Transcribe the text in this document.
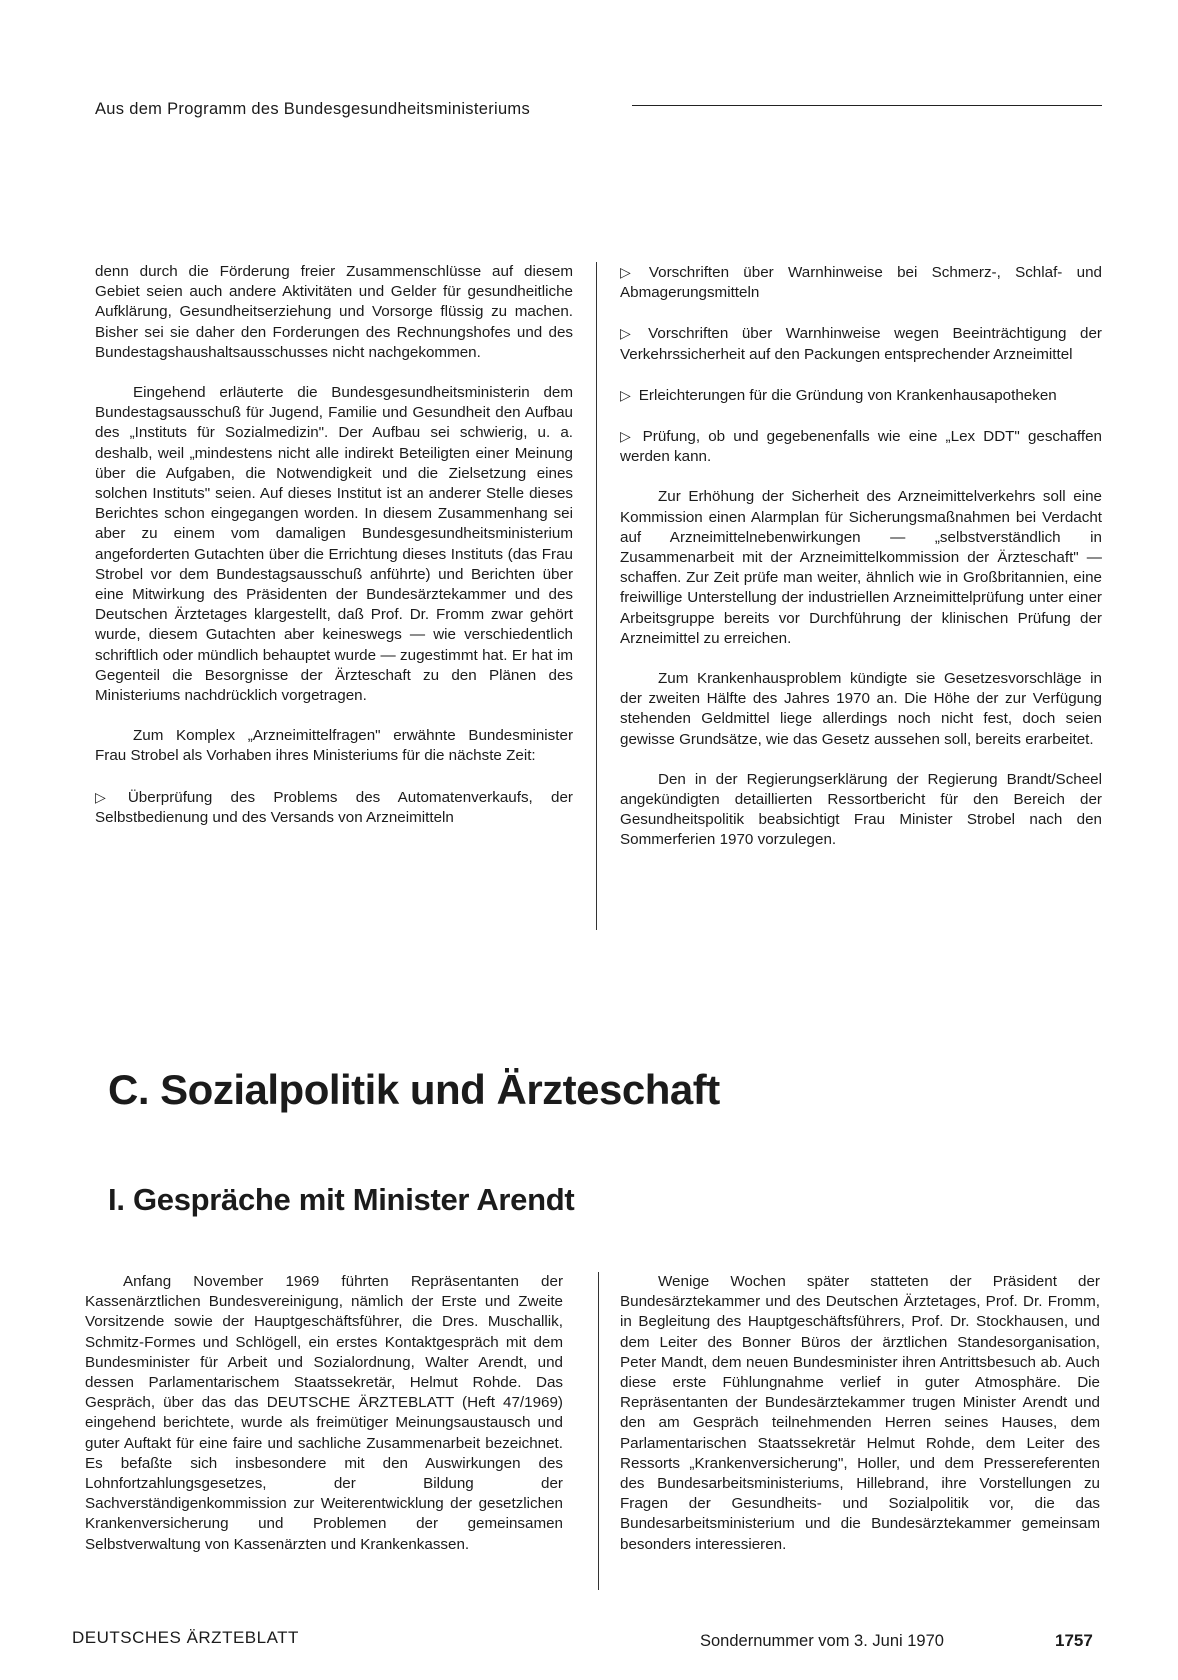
Aus dem Programm des Bundesgesundheitsministeriums

denn durch die Förderung freier Zusammenschlüsse auf diesem Gebiet seien auch andere Aktivitäten und Gelder für gesundheitliche Aufklärung, Gesundheitserziehung und Vorsorge flüssig zu machen. Bisher sei sie daher den Forderungen des Rechnungshofes und des Bundestagshaushaltsausschusses nicht nachgekommen.

Eingehend erläuterte die Bundesgesundheitsministerin dem Bundestagsausschuß für Jugend, Familie und Gesundheit den Aufbau des „Instituts für Sozialmedizin". Der Aufbau sei schwierig, u. a. deshalb, weil „mindestens nicht alle indirekt Beteiligten einer Meinung über die Aufgaben, die Notwendigkeit und die Zielsetzung eines solchen Instituts" seien. Auf dieses Institut ist an anderer Stelle dieses Berichtes schon eingegangen worden. In diesem Zusammenhang sei aber zu einem vom damaligen Bundesgesundheitsministerium angeforderten Gutachten über die Errichtung dieses Instituts (das Frau Strobel vor dem Bundestagsausschuß anführte) und Berichten über eine Mitwirkung des Präsidenten der Bundesärztekammer und des Deutschen Ärztetages klargestellt, daß Prof. Dr. Fromm zwar gehört wurde, diesem Gutachten aber keineswegs — wie verschiedentlich schriftlich oder mündlich behauptet wurde — zugestimmt hat. Er hat im Gegenteil die Besorgnisse der Ärzteschaft zu den Plänen des Ministeriums nachdrücklich vorgetragen.

Zum Komplex „Arzneimittelfragen" erwähnte Bundesminister Frau Strobel als Vorhaben ihres Ministeriums für die nächste Zeit:

▷ Überprüfung des Problems des Automatenverkaufs, der Selbstbedienung und des Versands von Arzneimitteln

▷ Vorschriften über Warnhinweise bei Schmerz-, Schlaf- und Abmagerungsmitteln

▷ Vorschriften über Warnhinweise wegen Beeinträchtigung der Verkehrssicherheit auf den Packungen entsprechender Arzneimittel

▷ Erleichterungen für die Gründung von Krankenhausapotheken

▷ Prüfung, ob und gegebenenfalls wie eine „Lex DDT" geschaffen werden kann.

Zur Erhöhung der Sicherheit des Arzneimittelverkehrs soll eine Kommission einen Alarmplan für Sicherungsmaßnahmen bei Verdacht auf Arzneimittelnebenwirkungen — „selbstverständlich in Zusammenarbeit mit der Arzneimittelkommission der Ärzteschaft" — schaffen. Zur Zeit prüfe man weiter, ähnlich wie in Großbritannien, eine freiwillige Unterstellung der industriellen Arzneimittelprüfung unter einer Arbeitsgruppe bereits vor Durchführung der klinischen Prüfung der Arzneimittel zu erreichen.

Zum Krankenhausproblem kündigte sie Gesetzesvorschläge in der zweiten Hälfte des Jahres 1970 an. Die Höhe der zur Verfügung stehenden Geldmittel liege allerdings noch nicht fest, doch seien gewisse Grundsätze, wie das Gesetz aussehen soll, bereits erarbeitet.

Den in der Regierungserklärung der Regierung Brandt/Scheel angekündigten detaillierten Ressortbericht für den Bereich der Gesundheitspolitik beabsichtigt Frau Minister Strobel nach den Sommerferien 1970 vorzulegen.

C. Sozialpolitik und Ärzteschaft
I. Gespräche mit Minister Arendt

Anfang November 1969 führten Repräsentanten der Kassenärztlichen Bundesvereinigung, nämlich der Erste und Zweite Vorsitzende sowie der Hauptgeschäftsführer, die Dres. Muschallik, Schmitz-Formes und Schlögell, ein erstes Kontaktgespräch mit dem Bundesminister für Arbeit und Sozialordnung, Walter Arendt, und dessen Parlamentarischem Staatssekretär, Helmut Rohde. Das Gespräch, über das das DEUTSCHE ÄRZTEBLATT (Heft 47/1969) eingehend berichtete, wurde als freimütiger Meinungsaustausch und guter Auftakt für eine faire und sachliche Zusammenarbeit bezeichnet. Es befaßte sich insbesondere mit den Auswirkungen des Lohnfortzahlungsgesetzes, der Bildung der Sachverständigenkommission zur Weiterentwicklung der gesetzlichen Krankenversicherung und Problemen der gemeinsamen Selbstverwaltung von Kassenärzten und Krankenkassen.

Wenige Wochen später statteten der Präsident der Bundesärztekammer und des Deutschen Ärztetages, Prof. Dr. Fromm, in Begleitung des Hauptgeschäftsführers, Prof. Dr. Stockhausen, und dem Leiter des Bonner Büros der ärztlichen Standesorganisation, Peter Mandt, dem neuen Bundesminister ihren Antrittsbesuch ab. Auch diese erste Fühlungnahme verlief in guter Atmosphäre. Die Repräsentanten der Bundesärztekammer trugen Minister Arendt und den am Gespräch teilnehmenden Herren seines Hauses, dem Parlamentarischen Staatssekretär Helmut Rohde, dem Leiter des Ressorts „Krankenversicherung", Holler, und dem Pressereferenten des Bundesarbeitsministeriums, Hillebrand, ihre Vorstellungen zu Fragen der Gesundheits- und Sozialpolitik vor, die das Bundesarbeitsministerium und die Bundesärztekammer gemeinsam besonders interessieren.

DEUTSCHES ÄRZTEBLATT	Sondernummer vom 3. Juni 1970	1757
